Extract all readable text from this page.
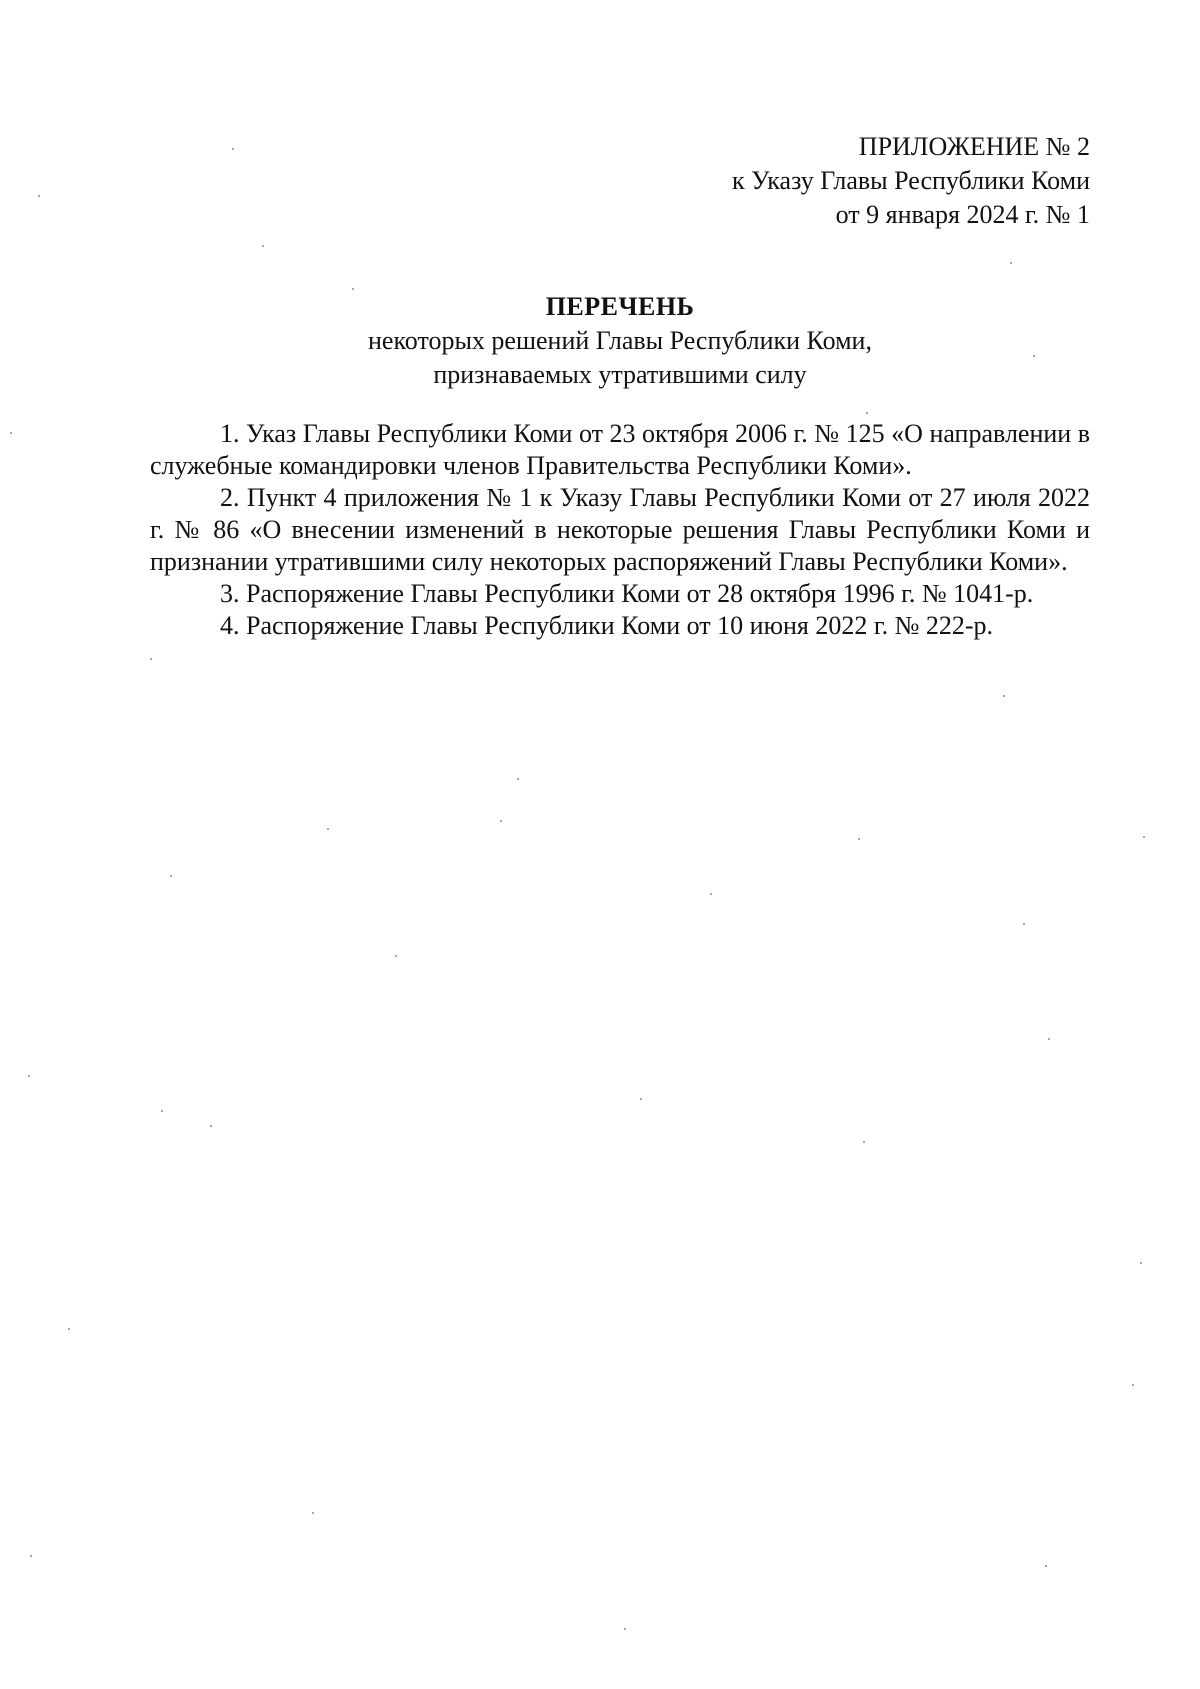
ПРИЛОЖЕНИЕ № 2
к Указу Главы Республики Коми
от 9 января 2024 г. № 1
ПЕРЕЧЕНЬ
некоторых решений Главы Республики Коми,
признаваемых утратившими силу

1. Указ Главы Республики Коми от 23 октября 2006 г. № 125 «О направлении в служебные командировки членов Правительства Республики Коми».

2. Пункт 4 приложения № 1 к Указу Главы Республики Коми от 27 июля 2022 г. № 86 «О внесении изменений в некоторые решения Главы Республики Коми и признании утратившими силу некоторых распоряжений Главы Республики Коми».

3. Распоряжение Главы Республики Коми от 28 октября 1996 г. № 1041-р.

4. Распоряжение Главы Республики Коми от 10 июня 2022 г. № 222-р.
